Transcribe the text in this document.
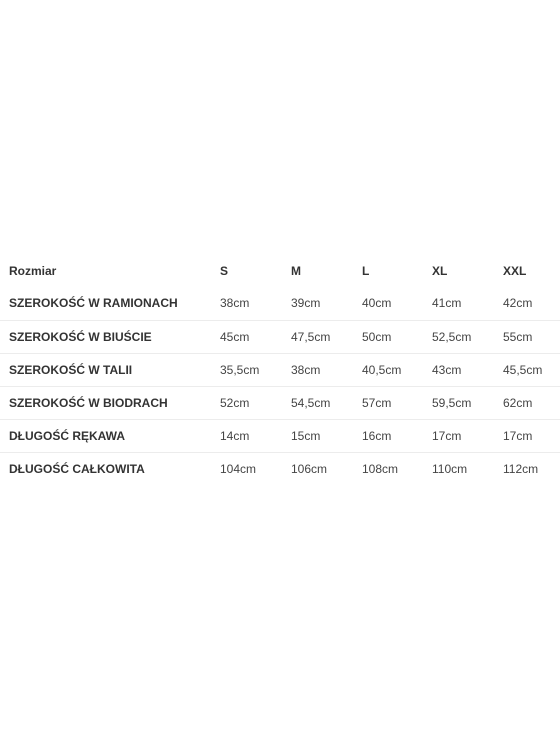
Rozmiar	S	M	L	XL	XXL
SZEROKOŚĆ W RAMIONACH	38cm	39cm	40cm	41cm	42cm
SZEROKOŚĆ W BIUŚCIE	45cm	47,5cm	50cm	52,5cm	55cm
SZEROKOŚĆ W TALII	35,5cm	38cm	40,5cm	43cm	45,5cm
SZEROKOŚĆ W BIODRACH	52cm	54,5cm	57cm	59,5cm	62cm
DŁUGOŚĆ RĘKAWA	14cm	15cm	16cm	17cm	17cm
DŁUGOŚĆ CAŁKOWITA	104cm	106cm	108cm	110cm	112cm
